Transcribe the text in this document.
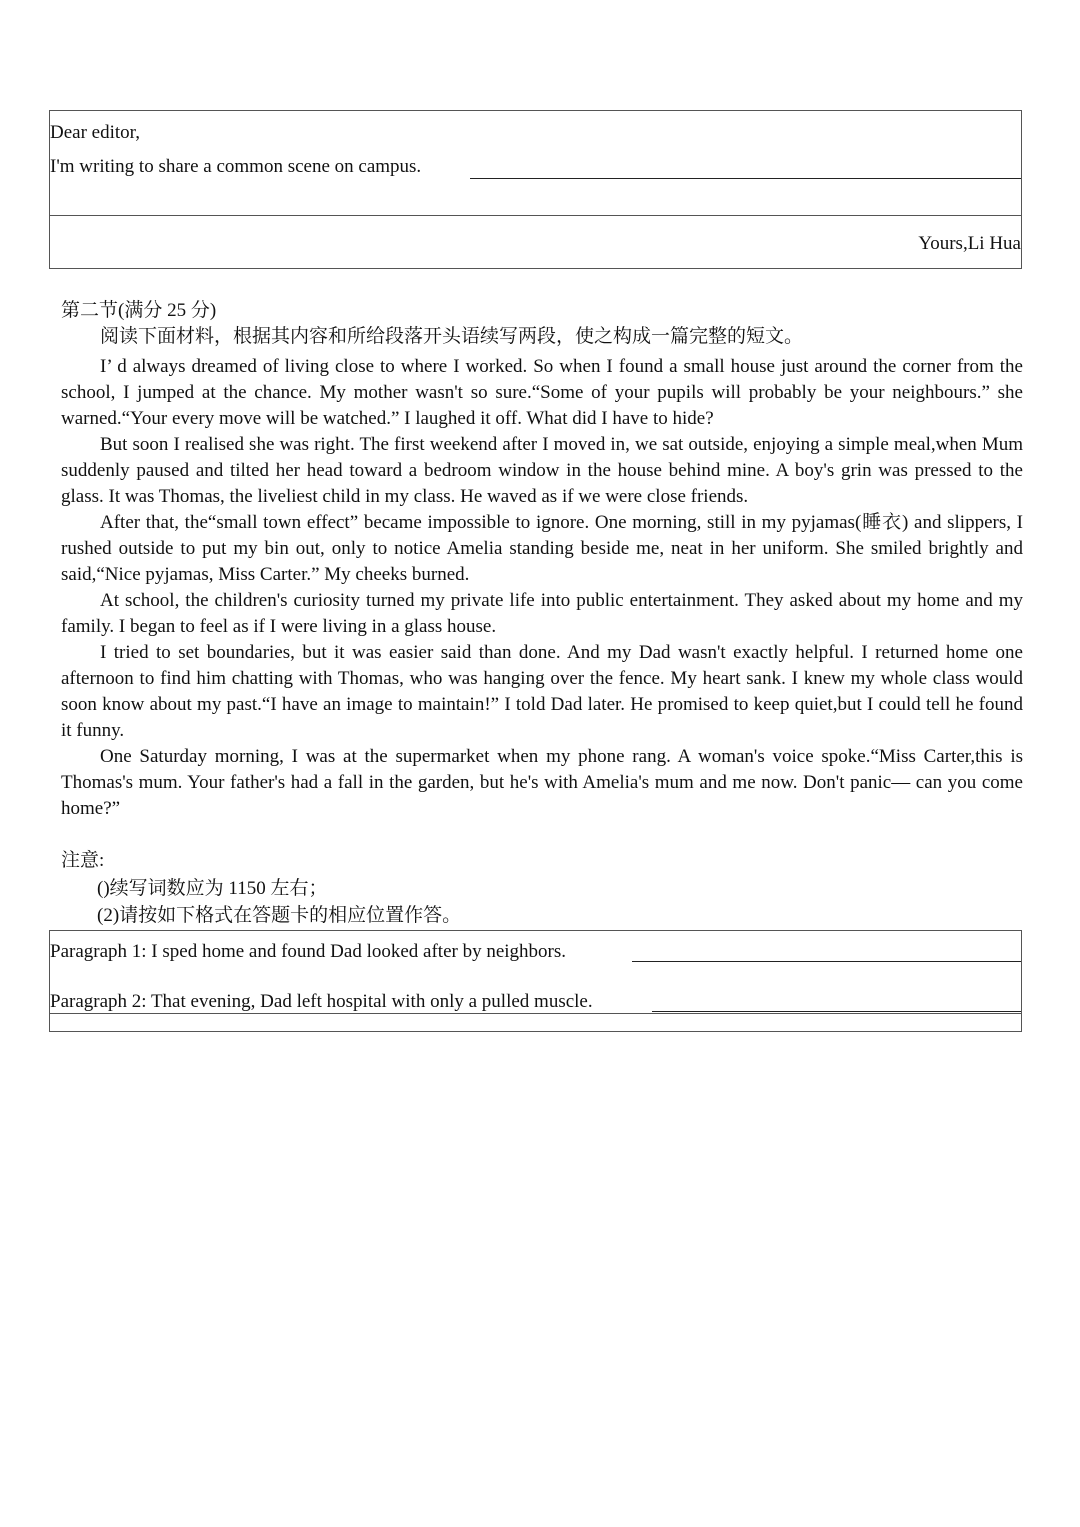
Dear editor,
I'm writing to share a common scene on campus.
Yours,Li Hua
第二节(满分 25 分)
阅读下面材料，根据其内容和所给段落开头语续写两段，使之构成一篇完整的短文。

I’ d always dreamed of living close to where I worked. So when I found a small house just around the corner from the school, I jumped at the chance. My mother wasn't so sure.“Some of your pupils will probably be your neighbours.” she warned.“Your every move will be watched.” I laughed it off. What did I have to hide?

But soon I realised she was right. The first weekend after I moved in, we sat outside, enjoying a simple meal,when Mum suddenly paused and tilted her head toward a bedroom window in the house behind mine. A boy's grin was pressed to the glass. It was Thomas, the liveliest child in my class. He waved as if we were close friends.

After that, the“small town effect” became impossible to ignore. One morning, still in my pyjamas(睡衣) and slippers, I rushed outside to put my bin out, only to notice Amelia standing beside me, neat in her uniform. She smiled brightly and said,“Nice pyjamas, Miss Carter.” My cheeks burned.

At school, the children's curiosity turned my private life into public entertainment. They asked about my home and my family. I began to feel as if I were living in a glass house.

I tried to set boundaries, but it was easier said than done. And my Dad wasn't exactly helpful. I returned home one afternoon to find him chatting with Thomas, who was hanging over the fence. My heart sank. I knew my whole class would soon know about my past.“I have an image to maintain!” I told Dad later. He promised to keep quiet,but I could tell he found it funny.

One Saturday morning, I was at the supermarket when my phone rang. A woman's voice spoke.“Miss Carter,this is Thomas's mum. Your father's had a fall in the garden, but he's with Amelia's mum and me now. Don't panic— can you come home?”

注意:
()续写词数应为 1150 左右；
(2)请按如下格式在答题卡的相应位置作答。
Paragraph 1: I sped home and found Dad looked after by neighbors.
Paragraph 2: That evening, Dad left hospital with only a pulled muscle.
